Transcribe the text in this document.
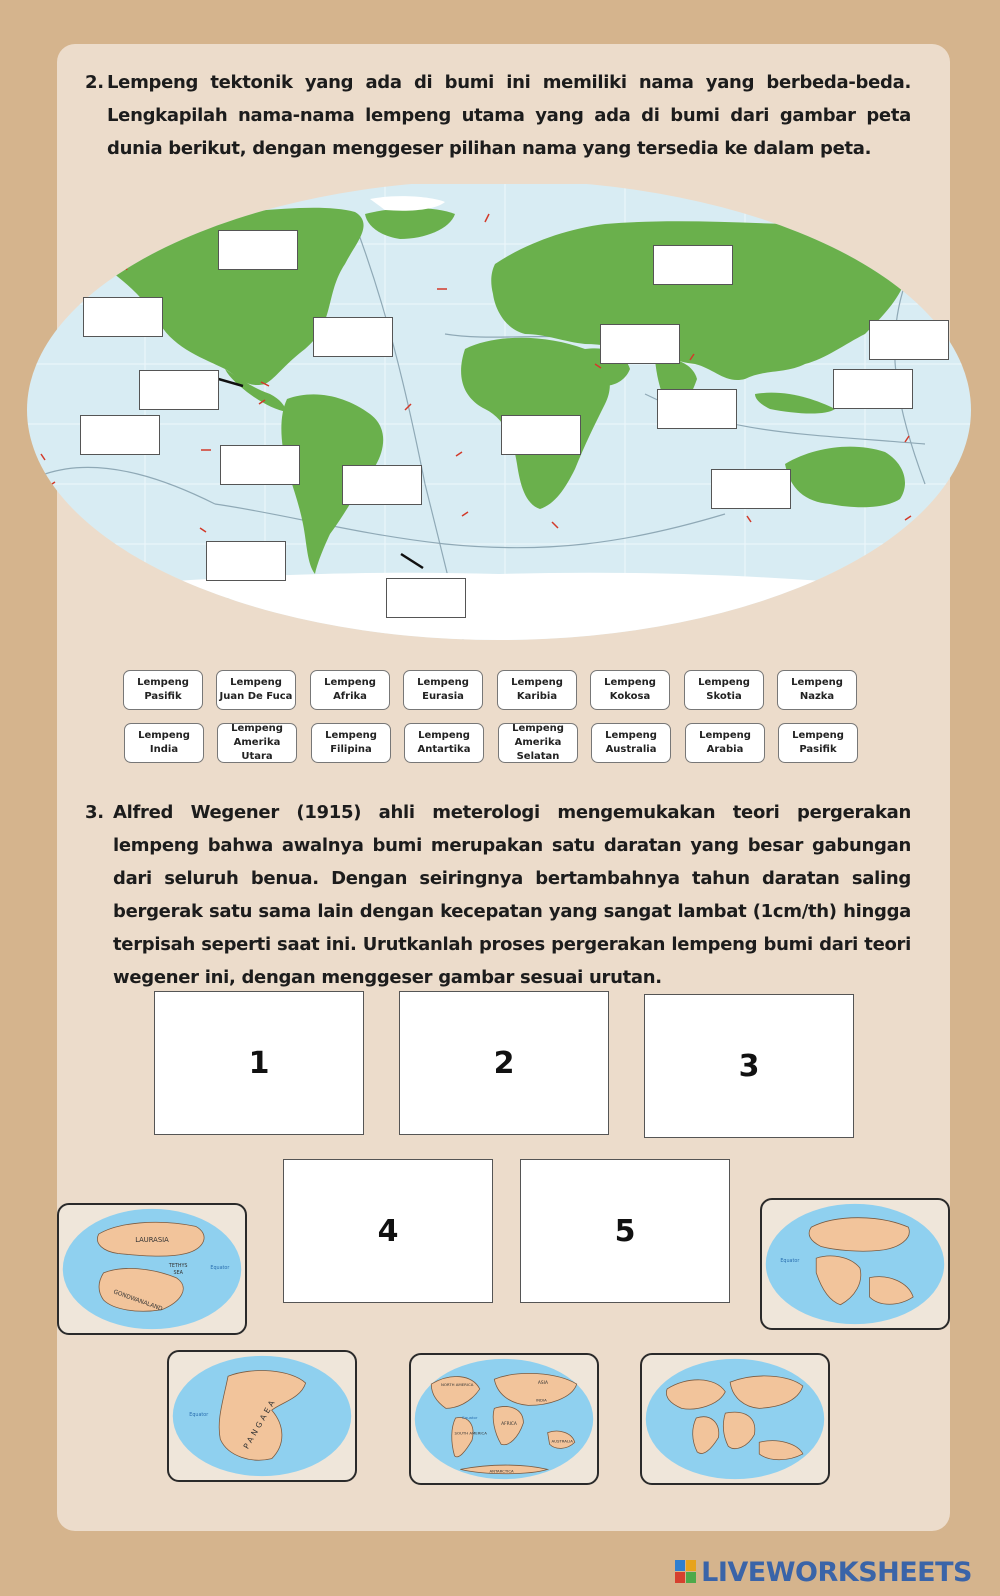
2. Lempeng tektonik yang ada di bumi ini memiliki nama yang berbeda-beda. Lengkapilah nama-nama lempeng utama yang ada di bumi dari gambar peta dunia berikut, dengan menggeser pilihan nama yang tersedia ke dalam peta.

Lempeng Pasifik
Lempeng Juan De Fuca
Lempeng Afrika
Lempeng Eurasia
Lempeng Karibia
Lempeng Kokosa
Lempeng Skotia
Lempeng Nazka
Lempeng India
Lempeng Amerika Utara
Lempeng Filipina
Lempeng Antartika
Lempeng Amerika Selatan
Lempeng Australia
Lempeng Arabia
Lempeng Pasifik
3. Alfred Wegener (1915) ahli meterologi mengemukakan teori pergerakan lempeng bahwa awalnya bumi merupakan satu daratan yang besar gabungan dari seluruh benua. Dengan seiringnya bertambahnya tahun daratan saling bergerak satu sama lain dengan kecepatan yang sangat lambat (1cm/th) hingga terpisah seperti saat ini. Urutkanlah proses pergerakan lempeng bumi dari teori wegener ini, dengan menggeser gambar sesuai urutan.

1	2	3
4	5
LAURASIA
TETHYS
SEA
Equator
GONDWANALAND
Equator
Equator	PANGAEA
NORTH AMERICA
SOUTH AMERICA
AFRICA
ASIA
INDIA
AUSTRALIA
ANTARCTICA
Equator
LIVEWORKSHEETS
